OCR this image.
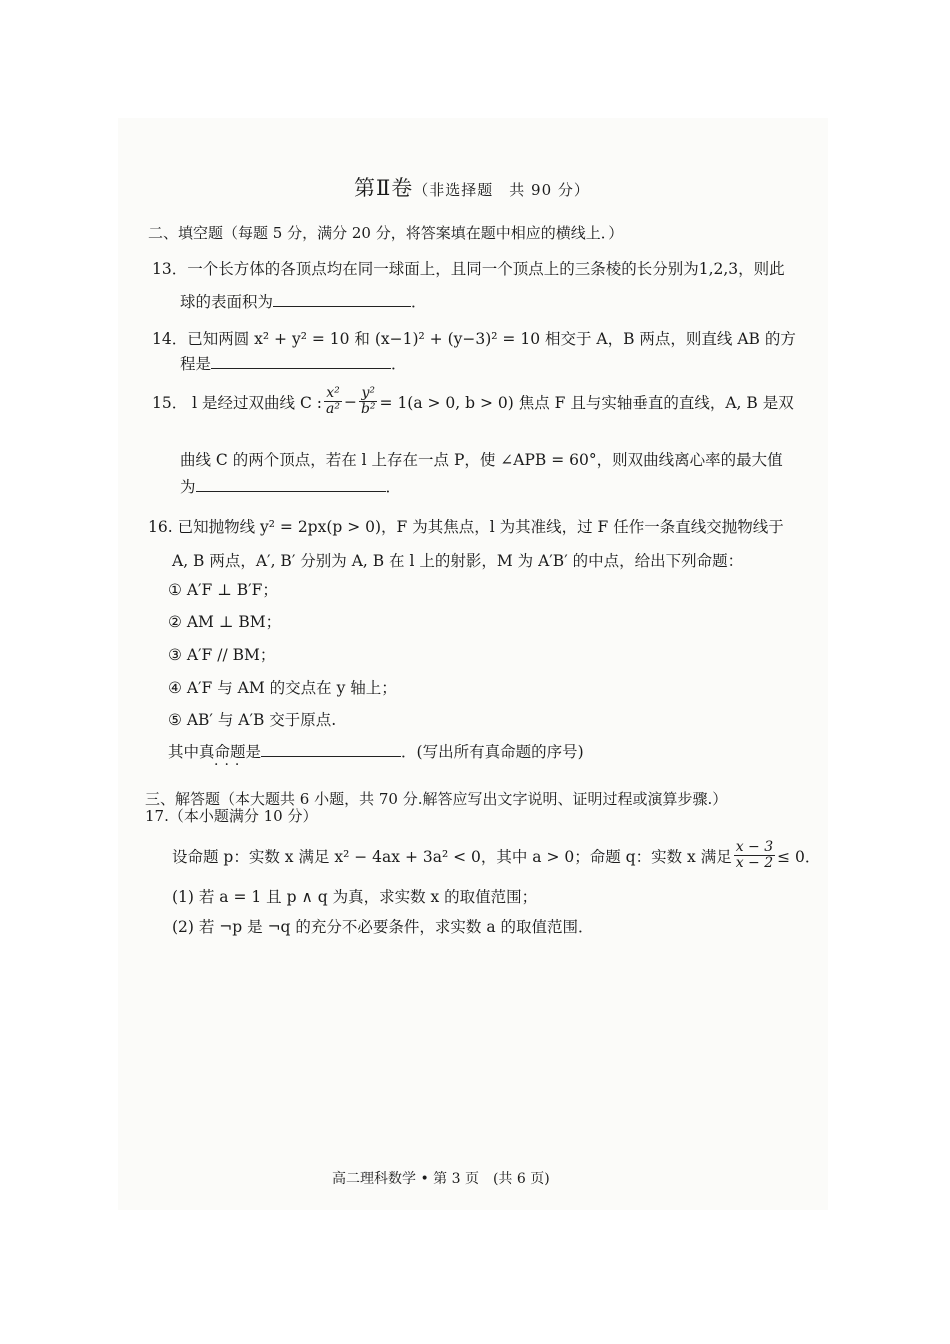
第Ⅱ卷（非选择题　共 90 分）
二、填空题（每题 5 分，满分 20 分，将答案填在题中相应的横线上．）
13．一个长方体的各顶点均在同一球面上，且同一个顶点上的三条棱的长分别为1,2,3，则此
球的表面积为	．
14．已知两圆 x² + y² = 10 和 (x−1)² + (y−3)² = 10 相交于 A，B 两点，则直线 AB 的方
程是	．
15． l 是经过双曲线 C : $\frac{\text{x²}}{\text{a²}} - \frac{\text{y²}}{\text{b²}} = 1(a > 0$, b > 0) 焦点 F 且与实轴垂直的直线，A, B 是双
曲线 C 的两个顶点，若在 l 上存在一点 P，使 ∠APB = 60°，则双曲线离心率的最大值
为	．
16. 已知抛物线 y² = 2px(p > 0)，F 为其焦点，l 为其准线，过 F 任作一条直线交抛物线于
A, B 两点，A′, B′ 分别为 A, B 在 l 上的射影，M 为 A′B′ 的中点，给出下列命题：
① A′F ⊥ B′F；
② AM ⊥ BM；
③ A′F // BM；
④ A′F 与 AM 的交点在 y 轴上；
⑤ AB′ 与 A′B 交于原点.
其中真命题是	．(写出所有真命题的序号)
···
三、解答题（本大题共 6 小题，共 70 分.解答应写出文字说明、证明过程或演算步骤.）
17.（本小题满分 10 分）
设命题 p：实数 x 满足 x² − 4ax + 3a² < 0，其中 a > 0；命题 q：实数 x 满足 $\frac{x - 3}{x - 2} \le 0$．
(1) 若 a = 1 且 p ∧ q 为真，求实数 x 的取值范围；
(2) 若 ¬p 是 ¬q 的充分不必要条件，求实数 a 的取值范围．
高二理科数学 • 第 3 页　(共 6 页)
